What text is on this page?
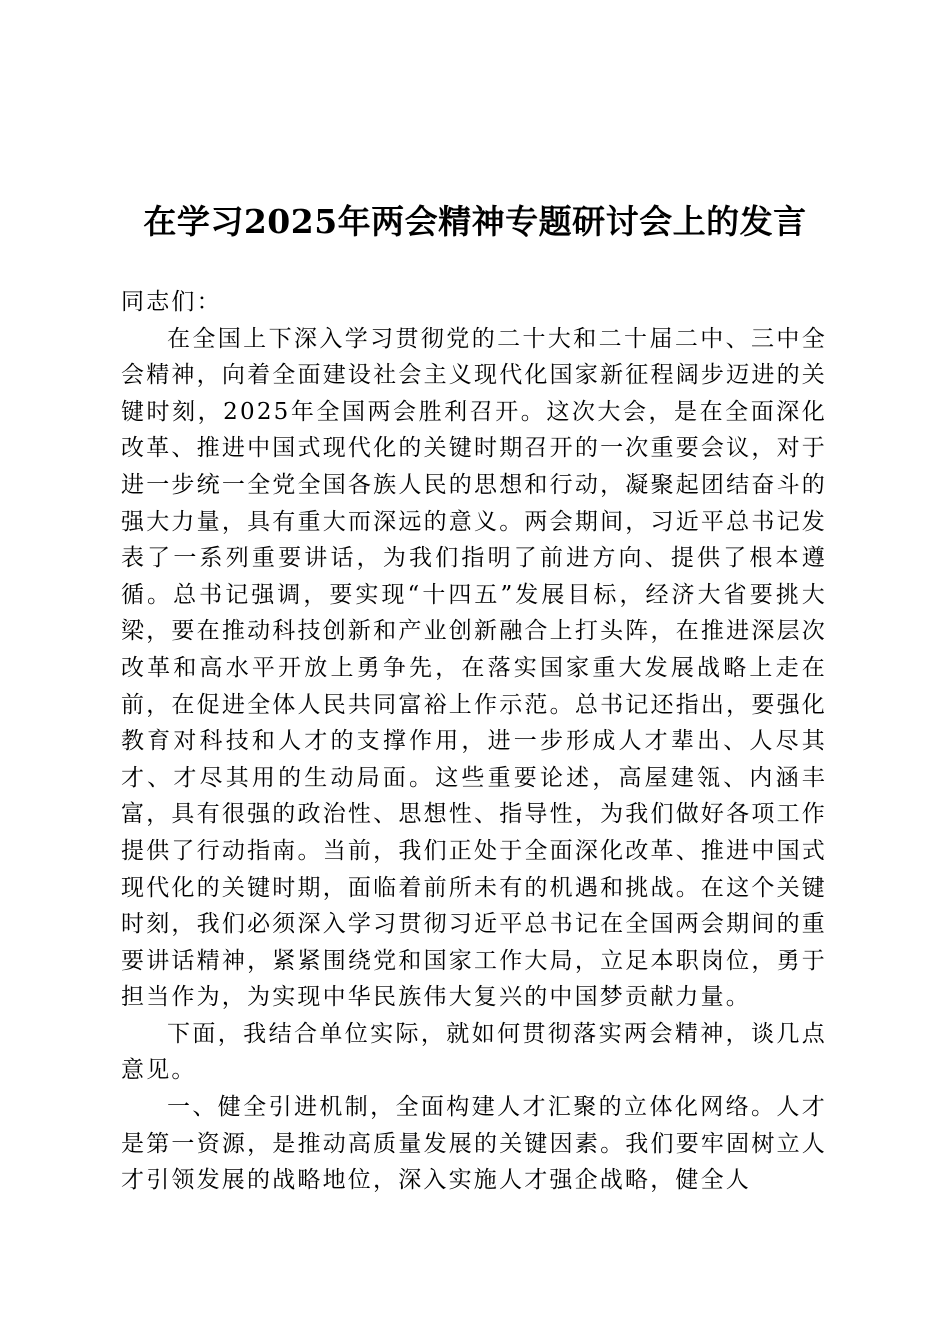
在学习2025年两会精神专题研讨会上的发言

同志们：

在全国上下深入学习贯彻党的二十大和二十届二中、三中全会精神，向着全面建设社会主义现代化国家新征程阔步迈进的关键时刻，2025年全国两会胜利召开。这次大会，是在全面深化改革、推进中国式现代化的关键时期召开的一次重要会议，对于进一步统一全党全国各族人民的思想和行动，凝聚起团结奋斗的强大力量，具有重大而深远的意义。两会期间，习近平总书记发表了一系列重要讲话，为我们指明了前进方向、提供了根本遵循。总书记强调，要实现“十四五”发展目标，经济大省要挑大梁，要在推动科技创新和产业创新融合上打头阵，在推进深层次改革和高水平开放上勇争先，在落实国家重大发展战略上走在前，在促进全体人民共同富裕上作示范。总书记还指出，要强化教育对科技和人才的支撑作用，进一步形成人才辈出、人尽其才、才尽其用的生动局面。这些重要论述，高屋建瓴、内涵丰富，具有很强的政治性、思想性、指导性，为我们做好各项工作提供了行动指南。当前，我们正处于全面深化改革、推进中国式现代化的关键时期，面临着前所未有的机遇和挑战。在这个关键时刻，我们必须深入学习贯彻习近平总书记在全国两会期间的重要讲话精神，紧紧围绕党和国家工作大局，立足本职岗位，勇于担当作为，为实现中华民族伟大复兴的中国梦贡献力量。

下面，我结合单位实际，就如何贯彻落实两会精神，谈几点意见。

一、健全引进机制，全面构建人才汇聚的立体化网络。人才是第一资源，是推动高质量发展的关键因素。我们要牢固树立人才引领发展的战略地位，深入实施人才强企战略，健全人
